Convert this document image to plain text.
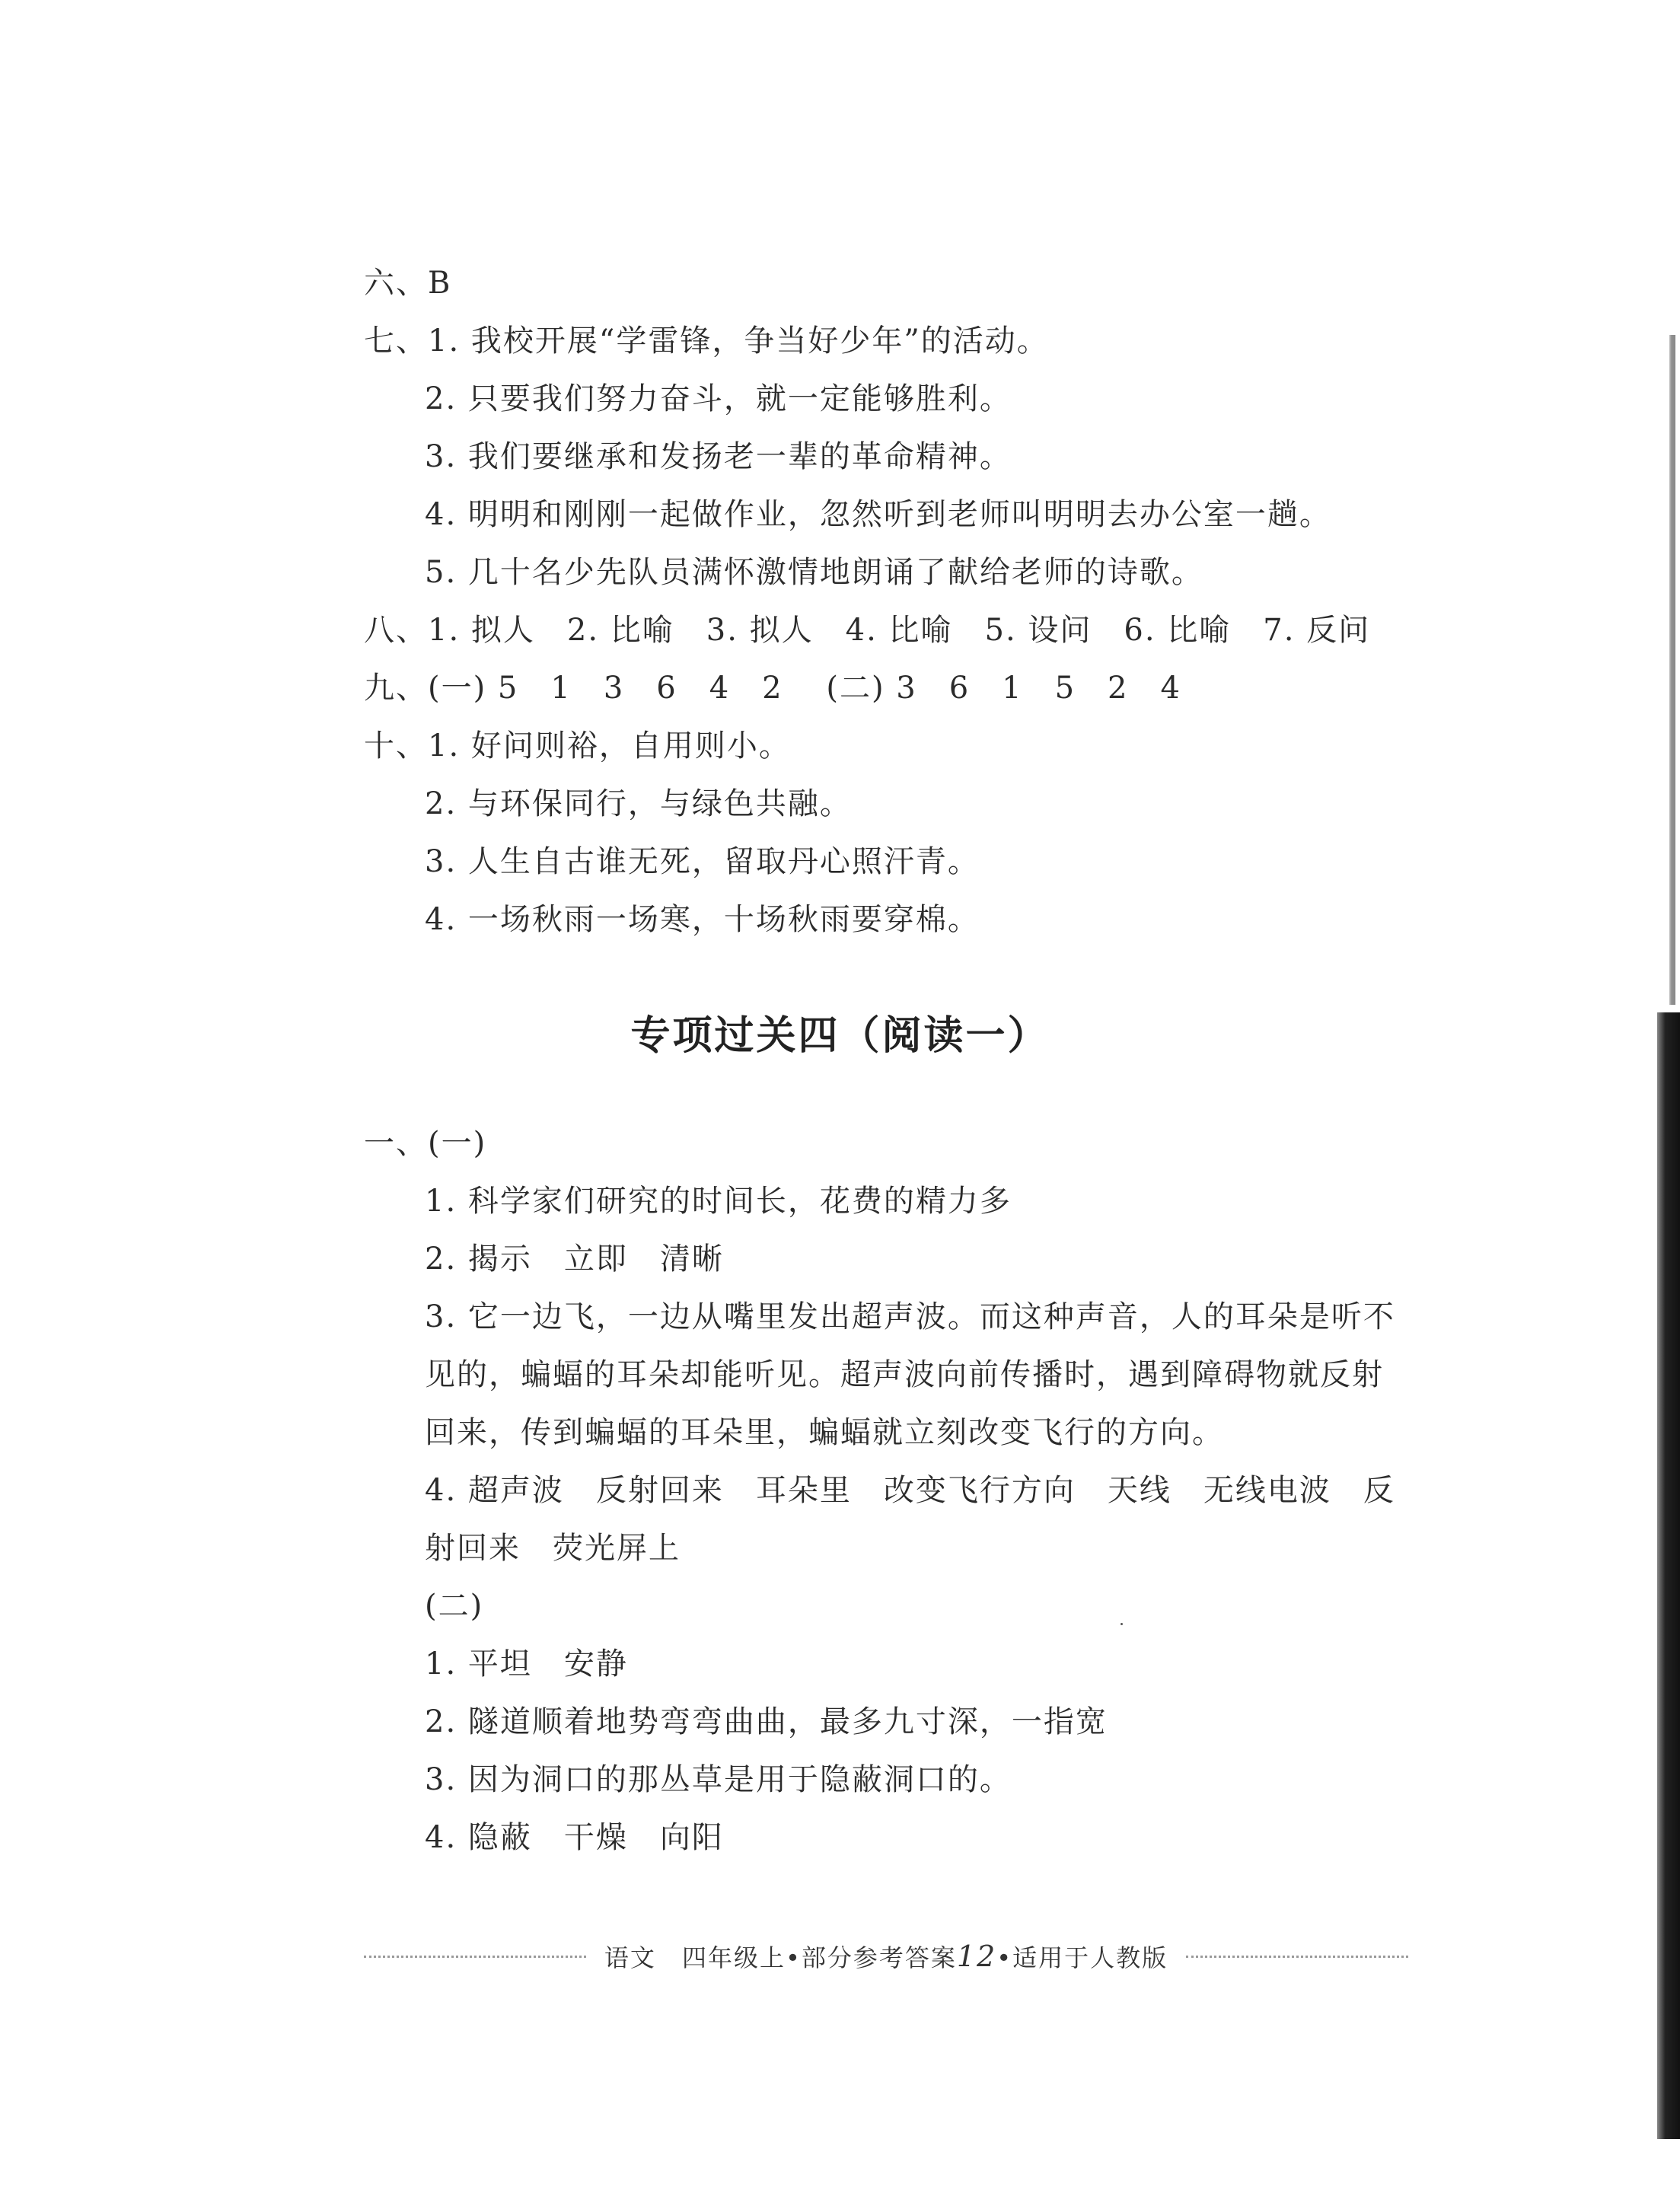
六、B
七、1. 我校开展“学雷锋，争当好少年”的活动。
2. 只要我们努力奋斗，就一定能够胜利。
3. 我们要继承和发扬老一辈的革命精神。
4. 明明和刚刚一起做作业，忽然听到老师叫明明去办公室一趟。
5. 几十名少先队员满怀激情地朗诵了献给老师的诗歌。
八、1. 拟人　2. 比喻　3. 拟人　4. 比喻　5. 设问　6. 比喻　7. 反问
九、(一) 5　1　3　6　4　2　 (二) 3　6　1　5　2　4
十、1. 好问则裕，自用则小。
2. 与环保同行，与绿色共融。
3. 人生自古谁无死，留取丹心照汗青。
4. 一场秋雨一场寒，十场秋雨要穿棉。
专项过关四（阅读一）
一、(一)
1. 科学家们研究的时间长，花费的精力多
2. 揭示　立即　清晰
3. 它一边飞，一边从嘴里发出超声波。而这种声音，人的耳朵是听不
见的，蝙蝠的耳朵却能听见。超声波向前传播时，遇到障碍物就反射
回来，传到蝙蝠的耳朵里，蝙蝠就立刻改变飞行的方向。
4. 超声波　反射回来　耳朵里　改变飞行方向　天线　无线电波　反
射回来　荧光屏上
(二)
1. 平坦　安静
2. 隧道顺着地势弯弯曲曲，最多九寸深，一指宽
3. 因为洞口的那丛草是用于隐蔽洞口的。
4. 隐蔽　干燥　向阳
语文　 四年级上•部分参考答案12•适用于人教版
